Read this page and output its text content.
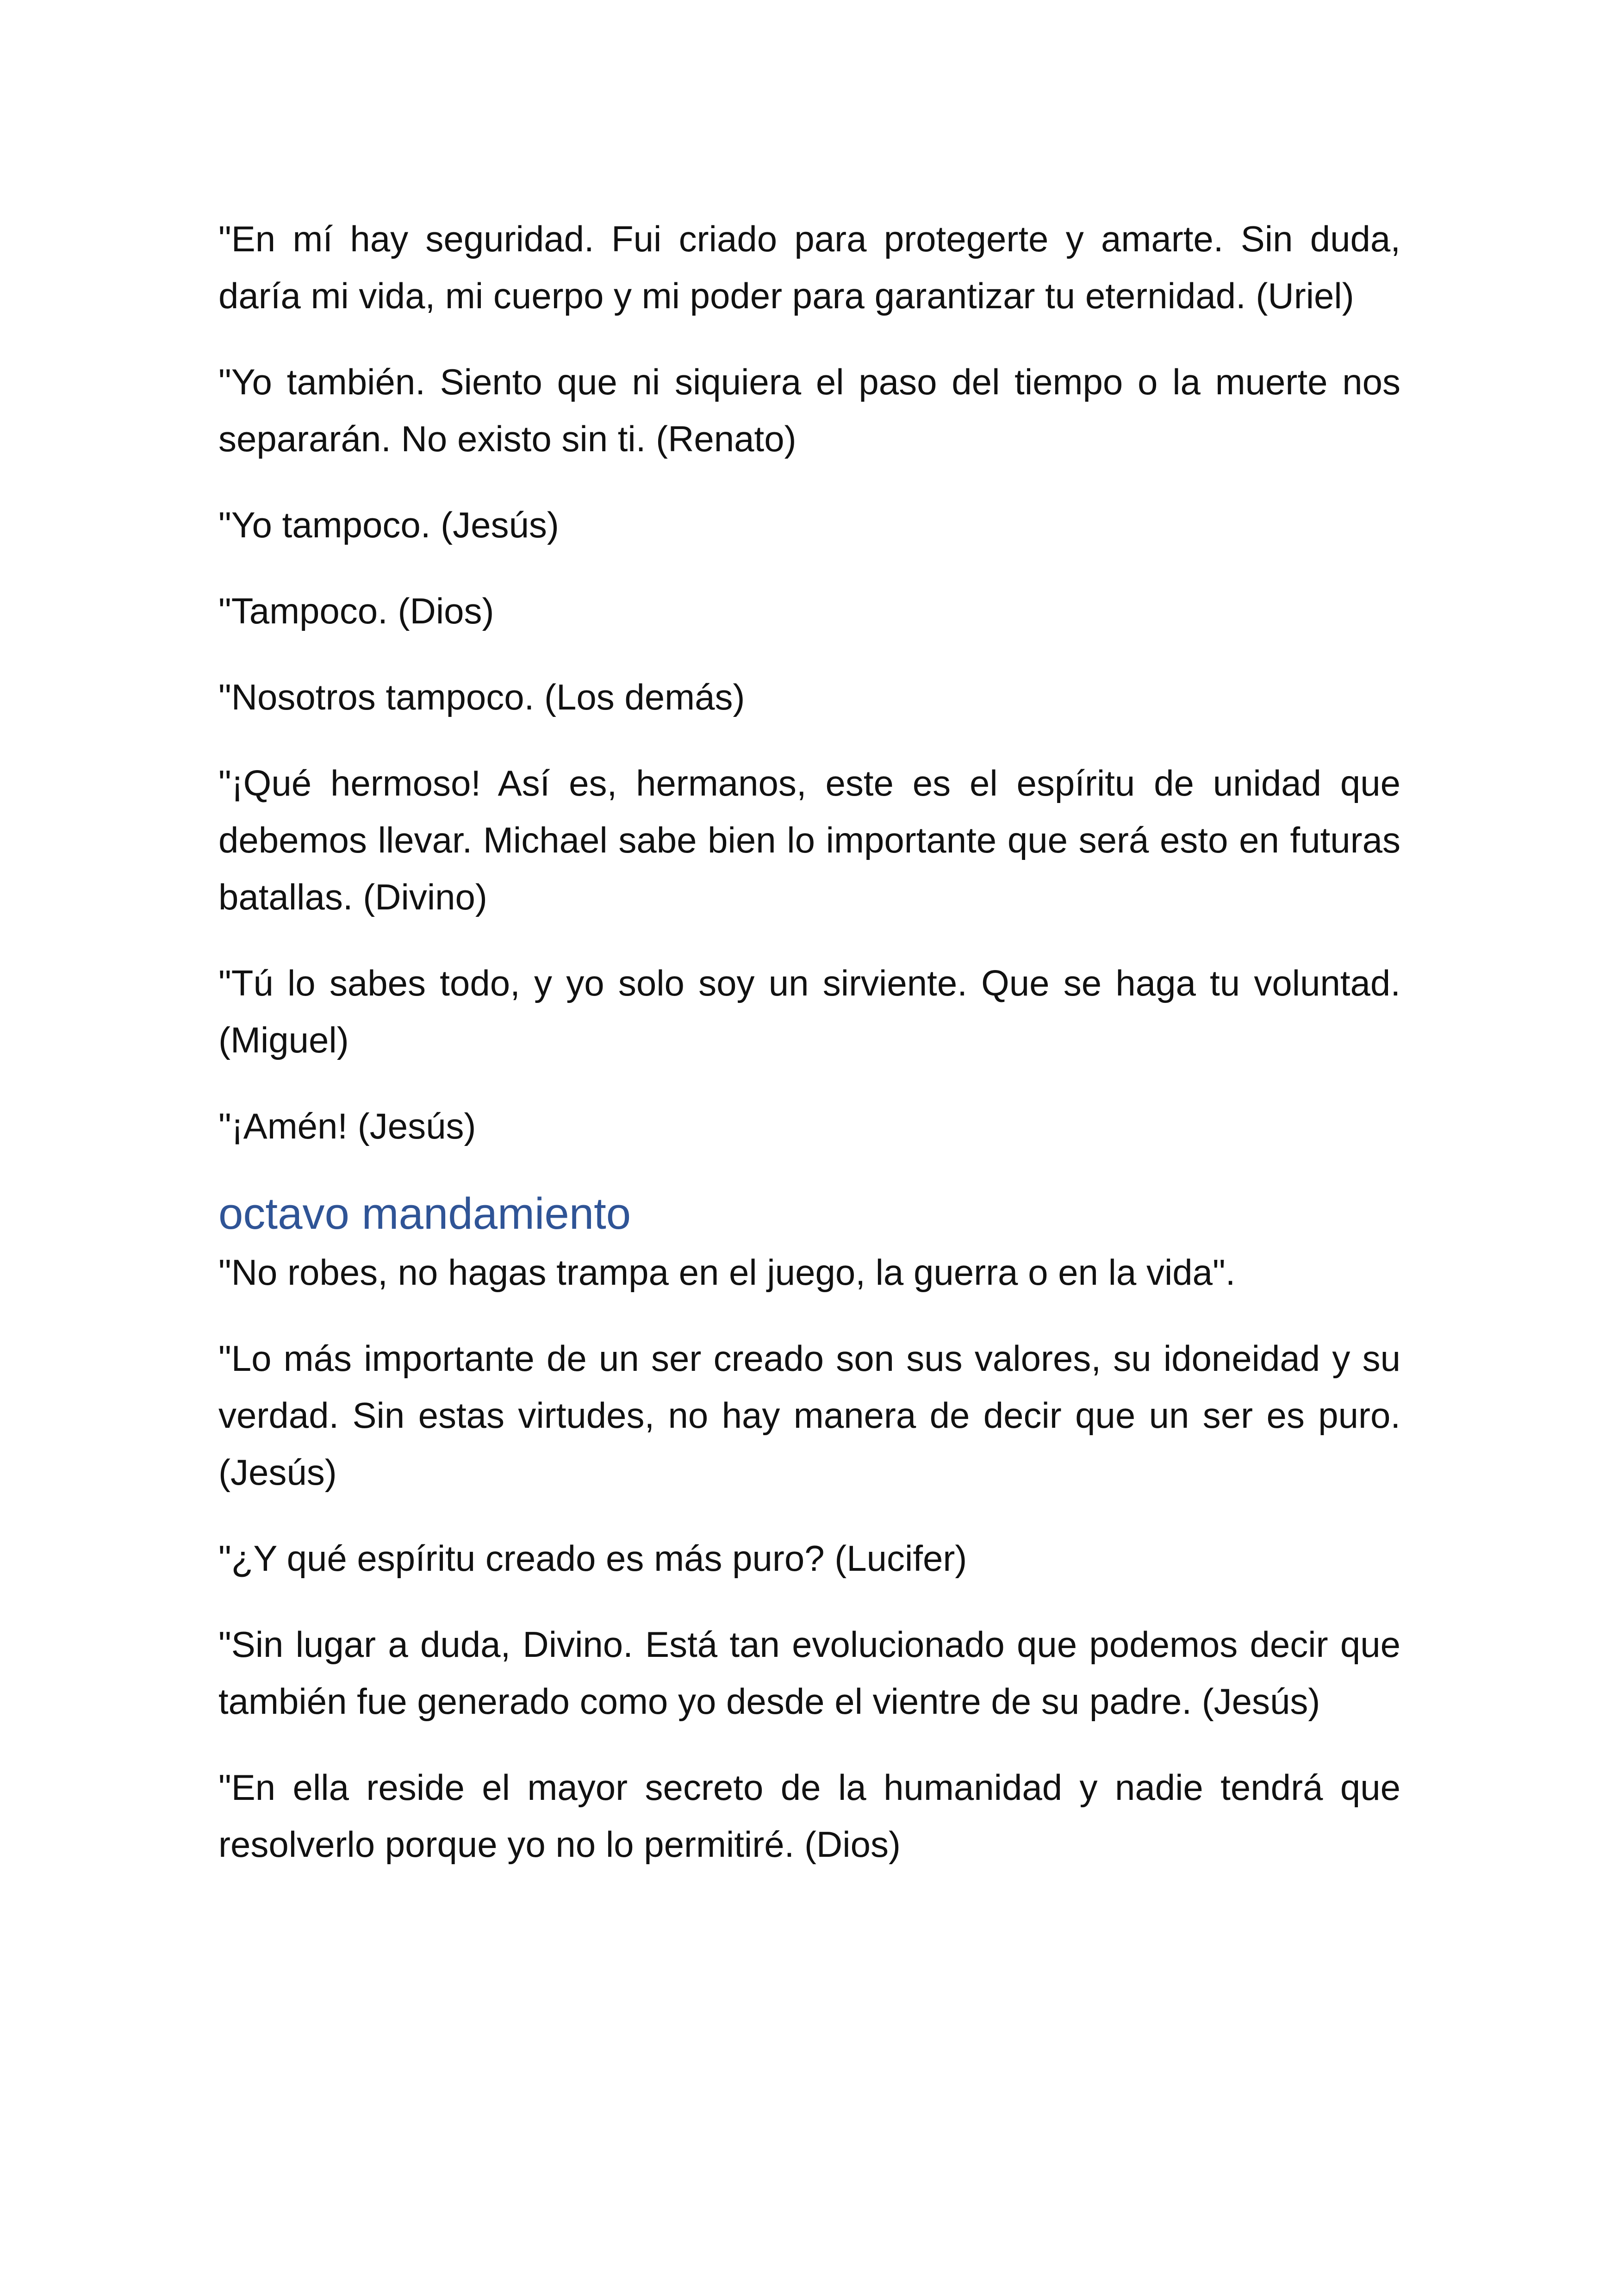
"En mí hay seguridad. Fui criado para protegerte y amarte. Sin duda, daría mi vida, mi cuerpo y mi poder para garantizar tu eternidad. (Uriel)

"Yo también. Siento que ni siquiera el paso del tiempo o la muerte nos separarán. No existo sin ti. (Renato)

"Yo tampoco. (Jesús)

"Tampoco. (Dios)

"Nosotros tampoco. (Los demás)

"¡Qué hermoso! Así es, hermanos, este es el espíritu de unidad que debemos llevar. Michael sabe bien lo importante que será esto en futuras batallas. (Divino)

"Tú lo sabes todo, y yo solo soy un sirviente. Que se haga tu voluntad. (Miguel)

"¡Amén! (Jesús)

octavo mandamiento

"No robes, no hagas trampa en el juego, la guerra o en la vida".

"Lo más importante de un ser creado son sus valores, su idoneidad y su verdad. Sin estas virtudes, no hay manera de decir que un ser es puro. (Jesús)

"¿Y qué espíritu creado es más puro? (Lucifer)

"Sin lugar a duda, Divino. Está tan evolucionado que podemos decir que también fue generado como yo desde el vientre de su padre. (Jesús)

"En ella reside el mayor secreto de la humanidad y nadie tendrá que resolverlo porque yo no lo permitiré. (Dios)
